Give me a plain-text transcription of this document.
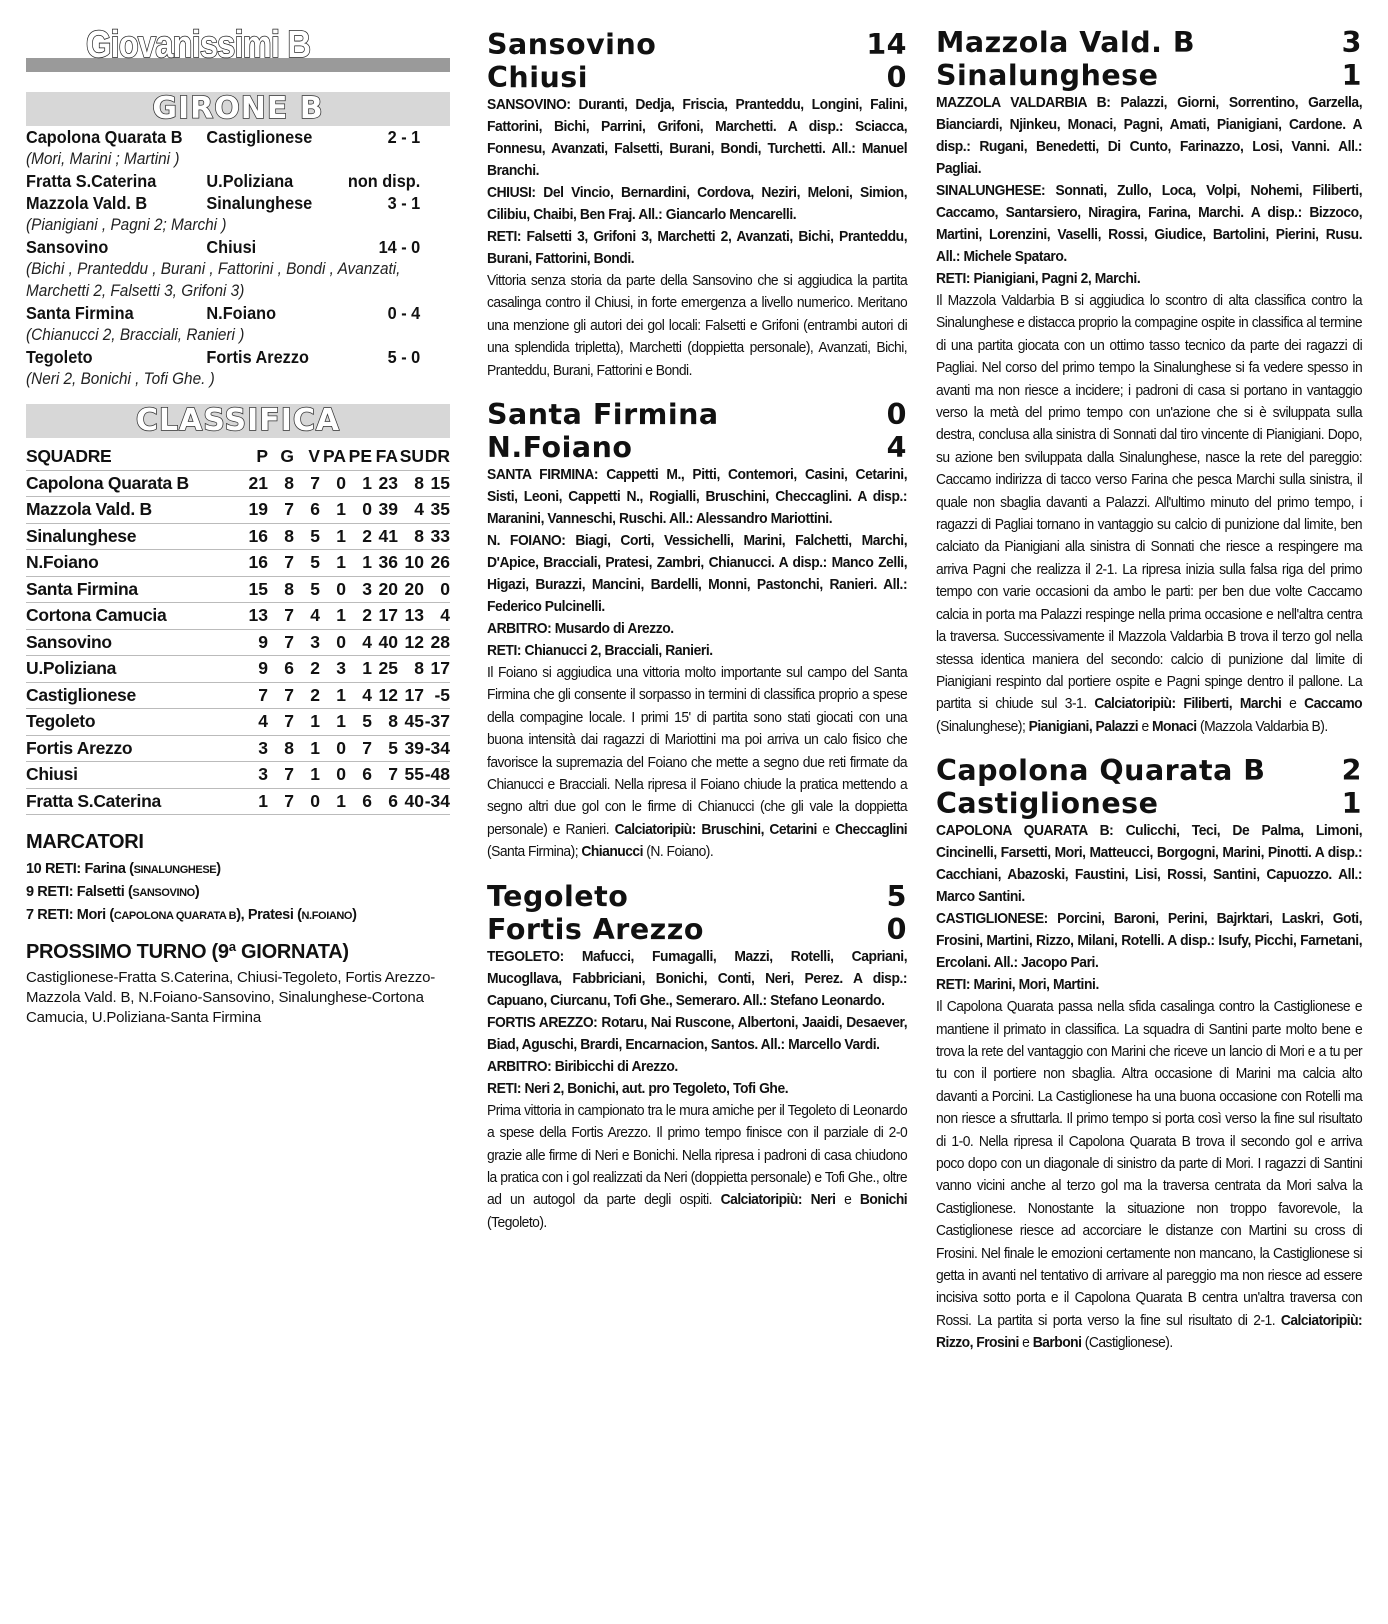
Giovanissimi B
GIRONE B
Capolona Quarata B	Castiglionese	2 - 1
(Mori, Marini ; Martini )
Fratta S.Caterina	U.Poliziana	non disp.
Mazzola Vald. B	Sinalunghese	3 - 1
(Pianigiani , Pagni 2; Marchi )
Sansovino	Chiusi	14 - 0
(Bichi , Pranteddu , Burani , Fattorini , Bondi , Avanzati, Marchetti 2, Falsetti 3, Grifoni 3)
Santa Firmina	N.Foiano	0 - 4
(Chianucci 2, Bracciali, Ranieri )
Tegoleto	Fortis Arezzo	5 - 0
(Neri 2, Bonichi , Tofi Ghe. )
CLASSIFICA
SQUADRE	P	G	V	PA	PE	FA	SU	DR
Capolona Quarata B	21	8	7	0	1	23	8	15
Mazzola Vald. B	19	7	6	1	0	39	4	35
Sinalunghese	16	8	5	1	2	41	8	33
N.Foiano	16	7	5	1	1	36	10	26
Santa Firmina	15	8	5	0	3	20	20	0
Cortona Camucia	13	7	4	1	2	17	13	4
Sansovino	9	7	3	0	4	40	12	28
U.Poliziana	9	6	2	3	1	25	8	17
Castiglionese	7	7	2	1	4	12	17	-5
Tegoleto	4	7	1	1	5	8	45	-37
Fortis Arezzo	3	8	1	0	7	5	39	-34
Chiusi	3	7	1	0	6	7	55	-48
Fratta S.Caterina	1	7	0	1	6	6	40	-34
MARCATORI
10 RETI: Farina (SINALUNGHESE)
9 RETI: Falsetti (SANSOVINO)
7 RETI: Mori (CAPOLONA QUARATA B), Pratesi (N.FOIANO)
PROSSIMO TURNO (9ª GIORNATA)
Castiglionese-Fratta S.Caterina, Chiusi-Tegoleto, Fortis Arezzo-Mazzola Vald. B, N.Foiano-Sansovino, Sinalunghese-Cortona Camucia, U.Poliziana-Santa Firmina
Sansovino	14
Chiusi	0
SANSOVINO: Duranti, Dedja, Friscia, Pranteddu, Longini, Falini, Fattorini, Bichi, Parrini, Grifoni, Marchetti. A disp.: Sciacca, Fonnesu, Avanzati, Falsetti, Burani, Bondi, Turchetti. All.: Manuel Branchi.
CHIUSI: Del Vincio, Bernardini, Cordova, Neziri, Meloni, Simion, Cilibiu, Chaibi, Ben Fraj. All.: Giancarlo Mencarelli.
RETI: Falsetti 3, Grifoni 3, Marchetti 2, Avanzati, Bichi, Pranteddu, Burani, Fattorini, Bondi.
Vittoria senza storia da parte della Sansovino che si aggiudica la partita casalinga contro il Chiusi, in forte emergenza a livello numerico. Meritano una menzione gli autori dei gol locali: Falsetti e Grifoni (entrambi autori di una splendida tripletta), Marchetti (doppietta personale), Avanzati, Bichi, Pranteddu, Burani, Fattorini e Bondi.
Santa Firmina	0
N.Foiano	4
SANTA FIRMINA: Cappetti M., Pitti, Contemori, Casini, Cetarini, Sisti, Leoni, Cappetti N., Rogialli, Bruschini, Checcaglini. A disp.: Maranini, Vanneschi, Ruschi. All.: Alessandro Mariottini.
N. FOIANO: Biagi, Corti, Vessichelli, Marini, Falchetti, Marchi, D'Apice, Bracciali, Pratesi, Zambri, Chianucci. A disp.: Manco Zelli, Higazi, Burazzi, Mancini, Bardelli, Monni, Pastonchi, Ranieri. All.: Federico Pulcinelli.
ARBITRO: Musardo di Arezzo.
RETI: Chianucci 2, Bracciali, Ranieri.
Il Foiano si aggiudica una vittoria molto importante sul campo del Santa Firmina che gli consente il sorpasso in termini di classifica proprio a spese della compagine locale. I primi 15' di partita sono stati giocati con una buona intensità dai ragazzi di Mariottini ma poi arriva un calo fisico che favorisce la supremazia del Foiano che mette a segno due reti firmate da Chianucci e Bracciali. Nella ripresa il Foiano chiude la pratica mettendo a segno altri due gol con le firme di Chianucci (che gli vale la doppietta personale) e Ranieri. Calciatoripiù: Bruschini, Cetarini e Checcaglini (Santa Firmina); Chianucci (N. Foiano).
Tegoleto	5
Fortis Arezzo	0
TEGOLETO: Mafucci, Fumagalli, Mazzi, Rotelli, Capriani, Mucogllava, Fabbriciani, Bonichi, Conti, Neri, Perez. A disp.: Capuano, Ciurcanu, Tofi Ghe., Semeraro. All.: Stefano Leonardo.
FORTIS AREZZO: Rotaru, Nai Ruscone, Albertoni, Jaaidi, Desaever, Biad, Aguschi, Brardi, Encarnacion, Santos. All.: Marcello Vardi.
ARBITRO: Biribicchi di Arezzo.
RETI: Neri 2, Bonichi, aut. pro Tegoleto, Tofi Ghe.
Prima vittoria in campionato tra le mura amiche per il Tegoleto di Leonardo a spese della Fortis Arezzo. Il primo tempo finisce con il parziale di 2-0 grazie alle firme di Neri e Bonichi. Nella ripresa i padroni di casa chiudono la pratica con i gol realizzati da Neri (doppietta personale) e Tofi Ghe., oltre ad un autogol da parte degli ospiti. Calciatoripiù: Neri e Bonichi (Tegoleto).
Mazzola Vald. B	3
Sinalunghese	1
MAZZOLA VALDARBIA B: Palazzi, Giorni, Sorrentino, Garzella, Bianciardi, Njinkeu, Monaci, Pagni, Amati, Pianigiani, Cardone. A disp.: Rugani, Benedetti, Di Cunto, Farinazzo, Losi, Vanni. All.: Pagliai.
SINALUNGHESE: Sonnati, Zullo, Loca, Volpi, Nohemi, Filiberti, Caccamo, Santarsiero, Niragira, Farina, Marchi. A disp.: Bizzoco, Martini, Lorenzini, Vaselli, Rossi, Giudice, Bartolini, Pierini, Rusu. All.: Michele Spataro.
RETI: Pianigiani, Pagni 2, Marchi.
Il Mazzola Valdarbia B si aggiudica lo scontro di alta classifica contro la Sinalunghese e distacca proprio la compagine ospite in classifica al termine di una partita giocata con un ottimo tasso tecnico da parte dei ragazzi di Pagliai. Nel corso del primo tempo la Sinalunghese si fa vedere spesso in avanti ma non riesce a incidere; i padroni di casa si portano in vantaggio verso la metà del primo tempo con un'azione che si è sviluppata sulla destra, conclusa alla sinistra di Sonnati dal tiro vincente di Pianigiani. Dopo, su azione ben sviluppata dalla Sinalunghese, nasce la rete del pareggio: Caccamo indirizza di tacco verso Farina che pesca Marchi sulla sinistra, il quale non sbaglia davanti a Palazzi. All'ultimo minuto del primo tempo, i ragazzi di Pagliai tornano in vantaggio su calcio di punizione dal limite, ben calciato da Pianigiani alla sinistra di Sonnati che riesce a respingere ma arriva Pagni che realizza il 2-1. La ripresa inizia sulla falsa riga del primo tempo con varie occasioni da ambo le parti: per ben due volte Caccamo calcia in porta ma Palazzi respinge nella prima occasione e nell'altra centra la traversa. Successivamente il Mazzola Valdarbia B trova il terzo gol nella stessa identica maniera del secondo: calcio di punizione dal limite di Pianigiani respinto dal portiere ospite e Pagni spinge dentro il pallone. La partita si chiude sul 3-1. Calciatoripiù: Filiberti, Marchi e Caccamo (Sinalunghese); Pianigiani, Palazzi e Monaci (Mazzola Valdarbia B).
Capolona Quarata B	2
Castiglionese	1
CAPOLONA QUARATA B: Culicchi, Teci, De Palma, Limoni, Cincinelli, Farsetti, Mori, Matteucci, Borgogni, Marini, Pinotti. A disp.: Cacchiani, Abazoski, Faustini, Lisi, Rossi, Santini, Capuozzo. All.: Marco Santini.
CASTIGLIONESE: Porcini, Baroni, Perini, Bajrktari, Laskri, Goti, Frosini, Martini, Rizzo, Milani, Rotelli. A disp.: Isufy, Picchi, Farnetani, Ercolani. All.: Jacopo Pari.
RETI: Marini, Mori, Martini.
Il Capolona Quarata passa nella sfida casalinga contro la Castiglionese e mantiene il primato in classifica. La squadra di Santini parte molto bene e trova la rete del vantaggio con Marini che riceve un lancio di Mori e a tu per tu con il portiere non sbaglia. Altra occasione di Marini ma calcia alto davanti a Porcini. La Castiglionese ha una buona occasione con Rotelli ma non riesce a sfruttarla. Il primo tempo si porta così verso la fine sul risultato di 1-0. Nella ripresa il Capolona Quarata B trova il secondo gol e arriva poco dopo con un diagonale di sinistro da parte di Mori. I ragazzi di Santini vanno vicini anche al terzo gol ma la traversa centrata da Mori salva la Castiglionese. Nonostante la situazione non troppo favorevole, la Castiglionese riesce ad accorciare le distanze con Martini su cross di Frosini. Nel finale le emozioni certamente non mancano, la Castiglionese si getta in avanti nel tentativo di arrivare al pareggio ma non riesce ad essere incisiva sotto porta e il Capolona Quarata B centra un'altra traversa con Rossi. La partita si porta verso la fine sul risultato di 2-1. Calciatoripiù: Rizzo, Frosini e Barboni (Castiglionese).
